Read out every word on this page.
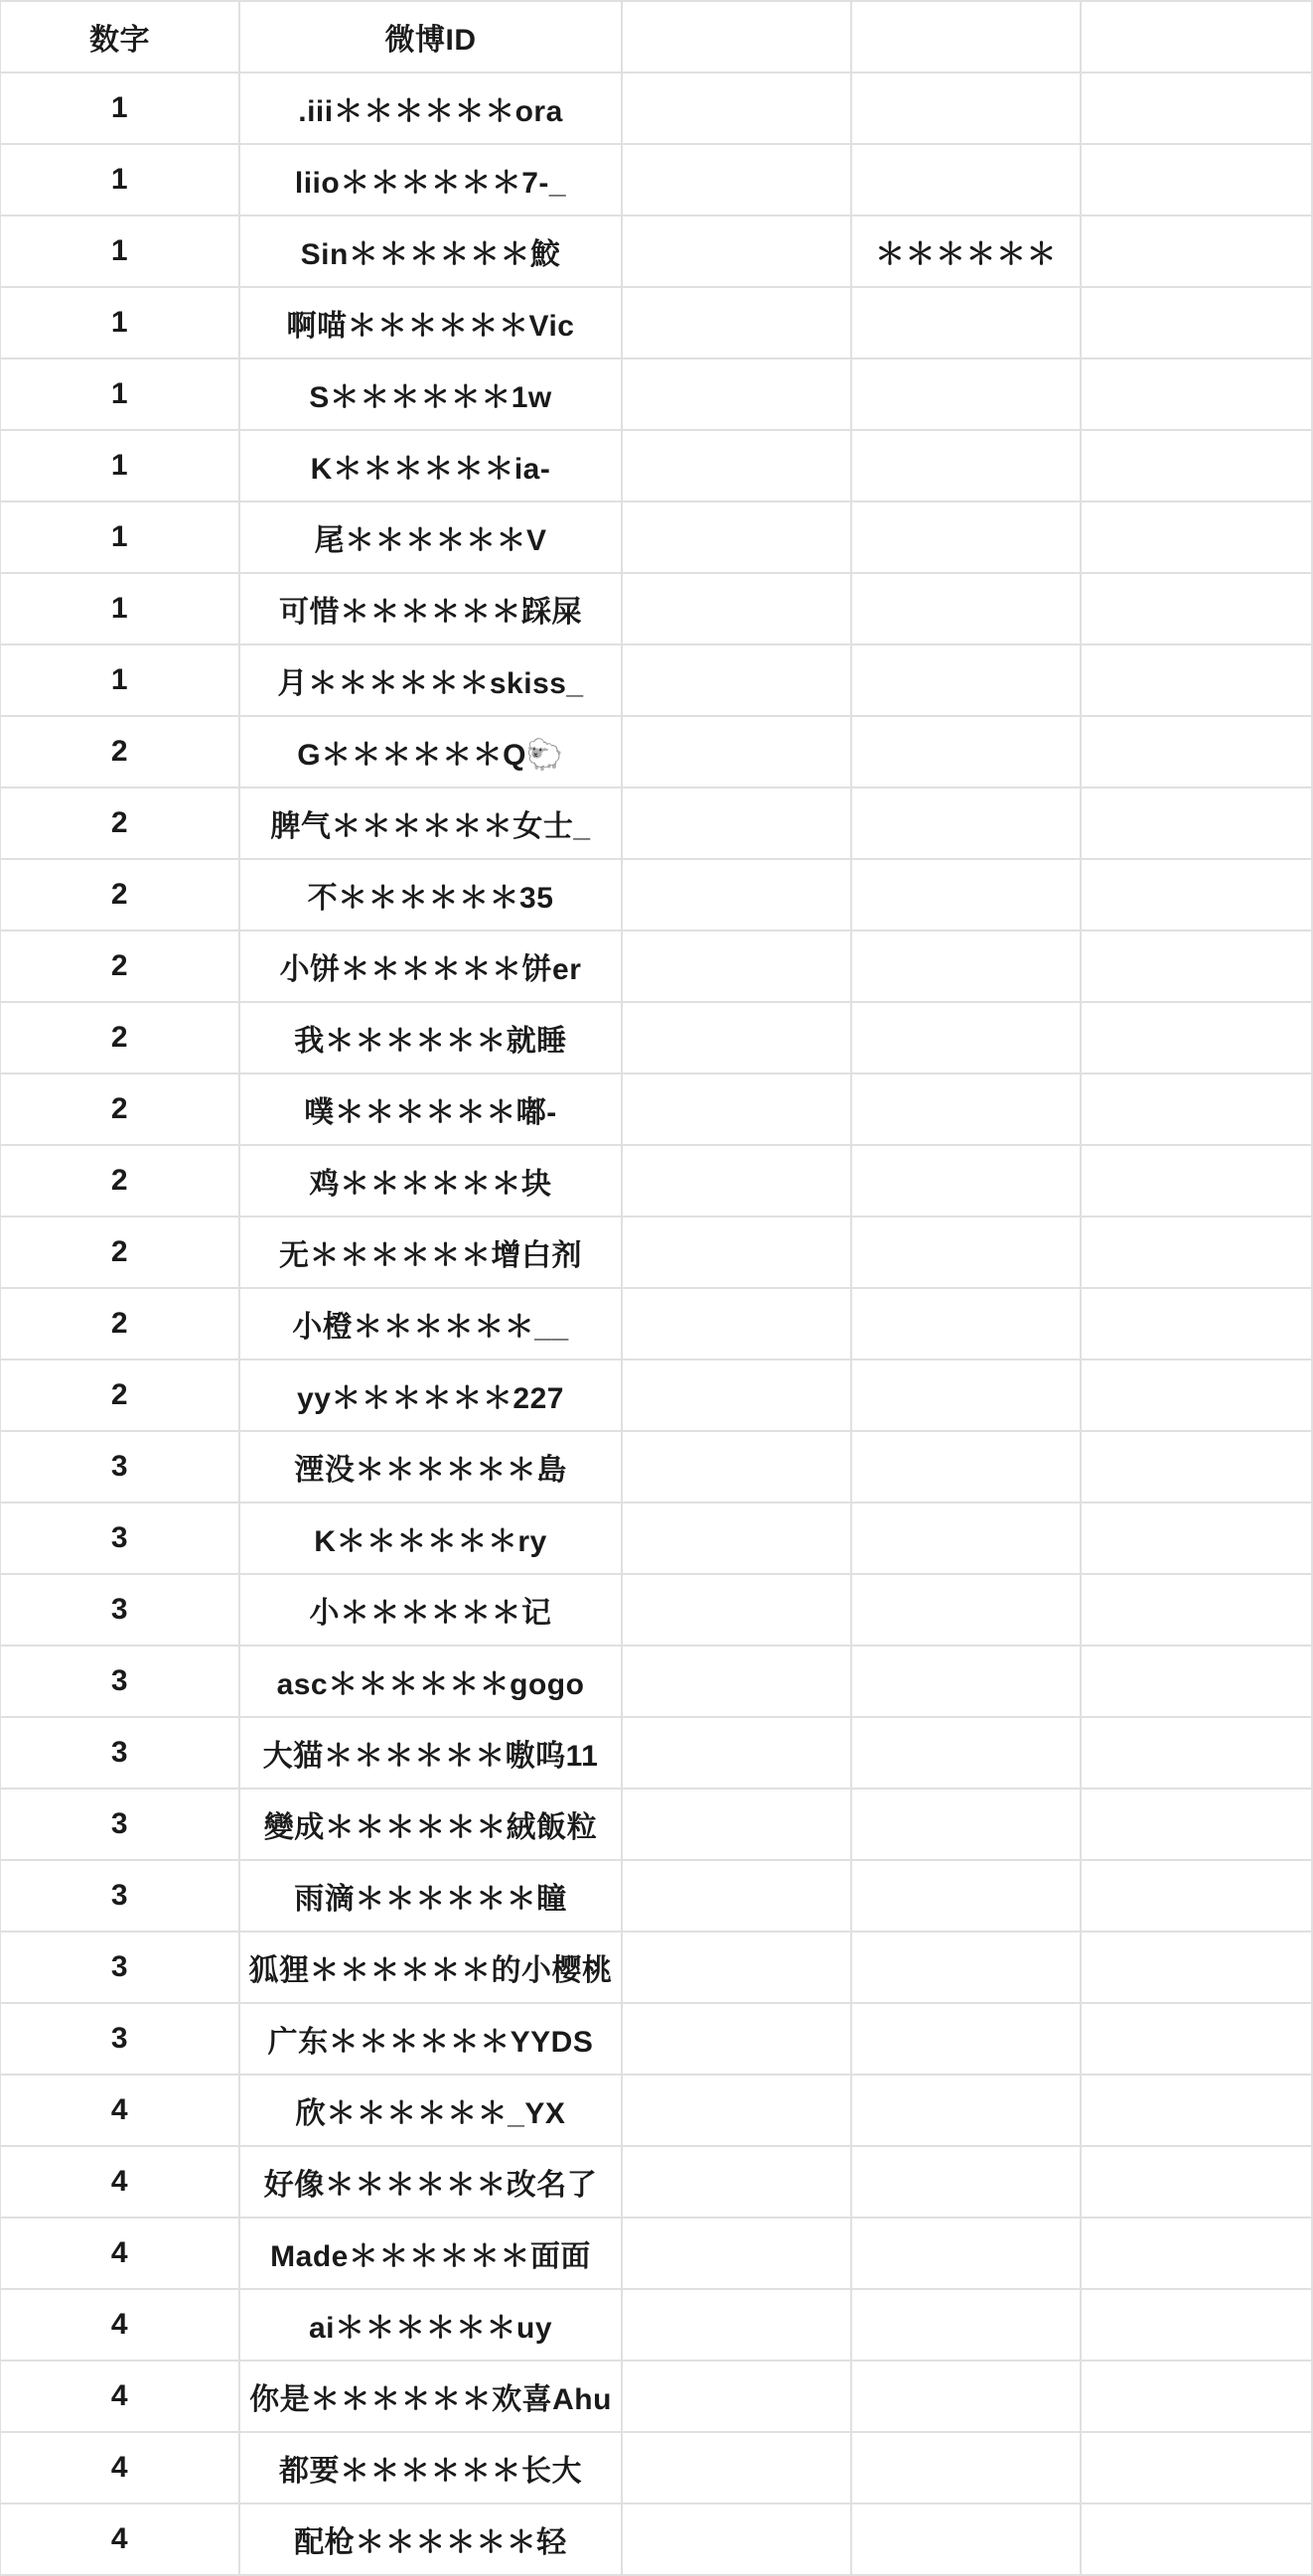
数字	微博ID			
1	.iii＊＊＊＊＊＊ora			
1	liio＊＊＊＊＊＊7-_			
1	Sin＊＊＊＊＊＊鮫		＊＊＊＊＊＊	
1	啊喵＊＊＊＊＊＊Vic			
1	S＊＊＊＊＊＊1w			
1	K＊＊＊＊＊＊ia-			
1	尾＊＊＊＊＊＊V			
1	可惜＊＊＊＊＊＊踩屎			
1	月＊＊＊＊＊＊skiss_			
2	G＊＊＊＊＊＊Q🐑			
2	脾气＊＊＊＊＊＊女士_			
2	不＊＊＊＊＊＊35			
2	小饼＊＊＊＊＊＊饼er			
2	我＊＊＊＊＊＊就睡			
2	噗＊＊＊＊＊＊嘟-			
2	鸡＊＊＊＊＊＊块			
2	无＊＊＊＊＊＊增白剂			
2	小橙＊＊＊＊＊＊__			
2	yy＊＊＊＊＊＊227			
3	湮没＊＊＊＊＊＊島			
3	K＊＊＊＊＊＊ry			
3	小＊＊＊＊＊＊记			
3	asc＊＊＊＊＊＊gogo			
3	大猫＊＊＊＊＊＊嗷呜11			
3	變成＊＊＊＊＊＊絨飯粒			
3	雨滴＊＊＊＊＊＊瞳			
3	狐狸＊＊＊＊＊＊的小樱桃			
3	广东＊＊＊＊＊＊YYDS			
4	欣＊＊＊＊＊＊_YX			
4	好像＊＊＊＊＊＊改名了			
4	Made＊＊＊＊＊＊面面			
4	ai＊＊＊＊＊＊uy			
4	你是＊＊＊＊＊＊欢喜Ahu			
4	都要＊＊＊＊＊＊长大			
4	配枪＊＊＊＊＊＊轻			
